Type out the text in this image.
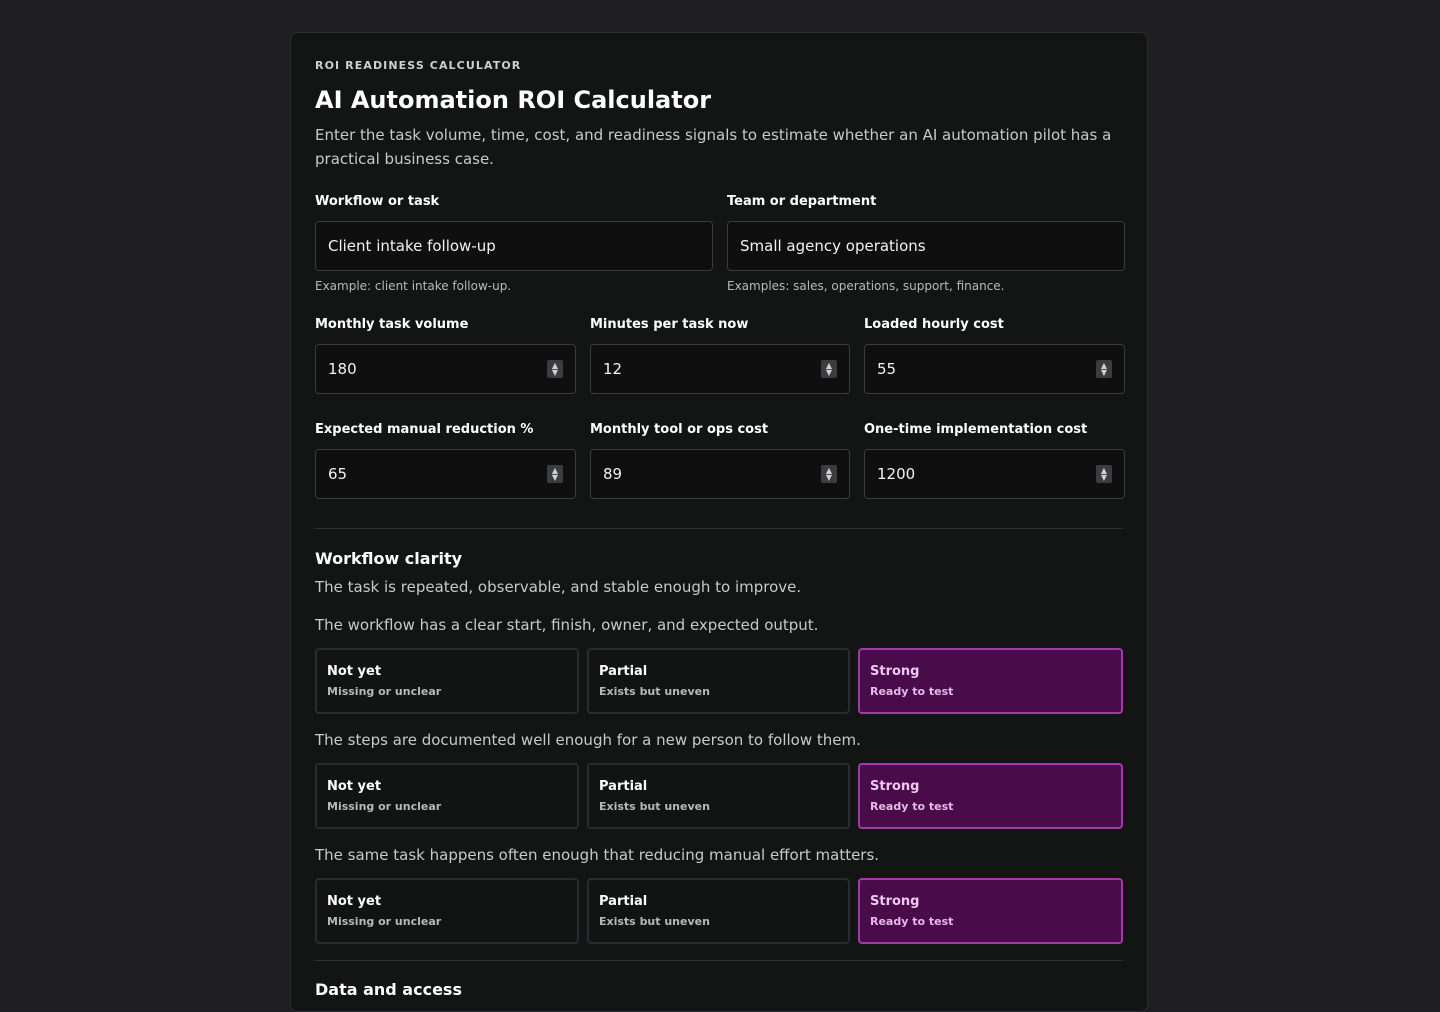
ROI READINESS CALCULATOR

AI Automation ROI Calculator

Enter the task volume, time, cost, and readiness signals to estimate whether an AI automation pilot has a practical business case.

Workflow or task
Client intake follow-up
Example: client intake follow-up.
Team or department
Small agency operations
Examples: sales, operations, support, finance.
Monthly task volume
180	▲
▼
Minutes per task now
12	▲
▼
Loaded hourly cost
55	▲
▼
Expected manual reduction %
65	▲
▼
Monthly tool or ops cost
89	▲
▼
One-time implementation cost
1200	▲
▼
Workflow clarity
The task is repeated, observable, and stable enough to improve.
The workflow has a clear start, finish, owner, and expected output.
Not yet
Missing or unclear
Partial
Exists but uneven
Strong
Ready to test
The steps are documented well enough for a new person to follow them.
Not yet
Missing or unclear
Partial
Exists but uneven
Strong
Ready to test
The same task happens often enough that reducing manual effort matters.
Not yet
Missing or unclear
Partial
Exists but uneven
Strong
Ready to test
Data and access
